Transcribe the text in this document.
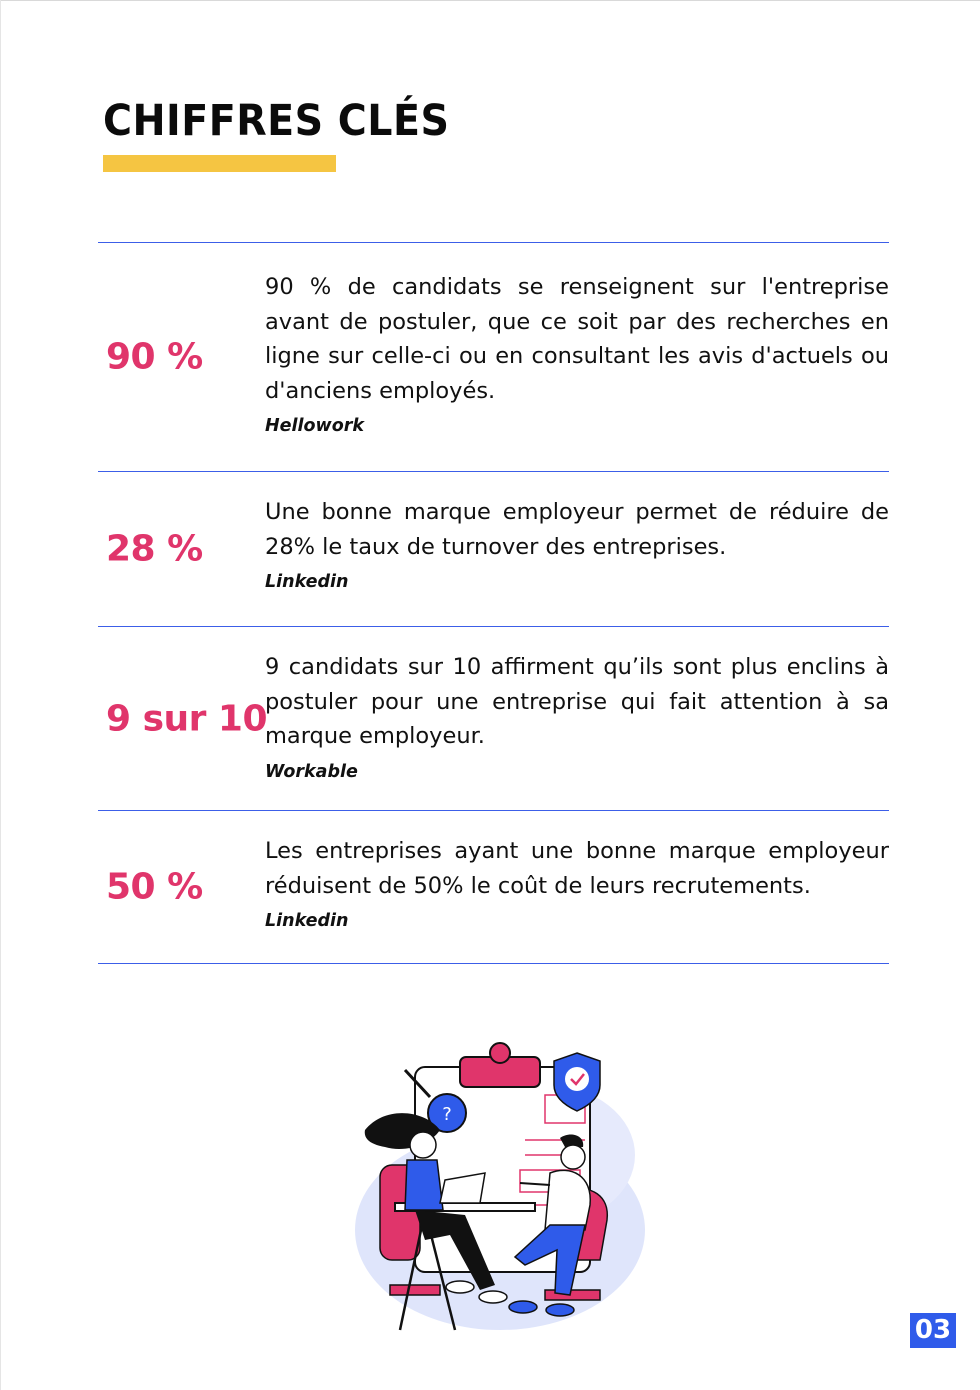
CHIFFRES CLÉS
90 %

90 % de candidats se renseignent sur l'entreprise avant de postuler, que ce soit par des recherches en ligne sur celle-ci ou en consultant les avis d'actuels ou d'anciens employés.

Hellowork
28 %

Une bonne marque employeur permet de réduire de 28% le taux de turnover des entreprises.

Linkedin
9 sur 10

9 candidats sur 10 affirment qu’ils sont plus enclins à postuler pour une entreprise qui fait attention à sa marque employeur.

Workable
50 %

Les entreprises ayant une bonne marque employeur réduisent de 50% le coût de leurs recrutements.

Linkedin
?
03
